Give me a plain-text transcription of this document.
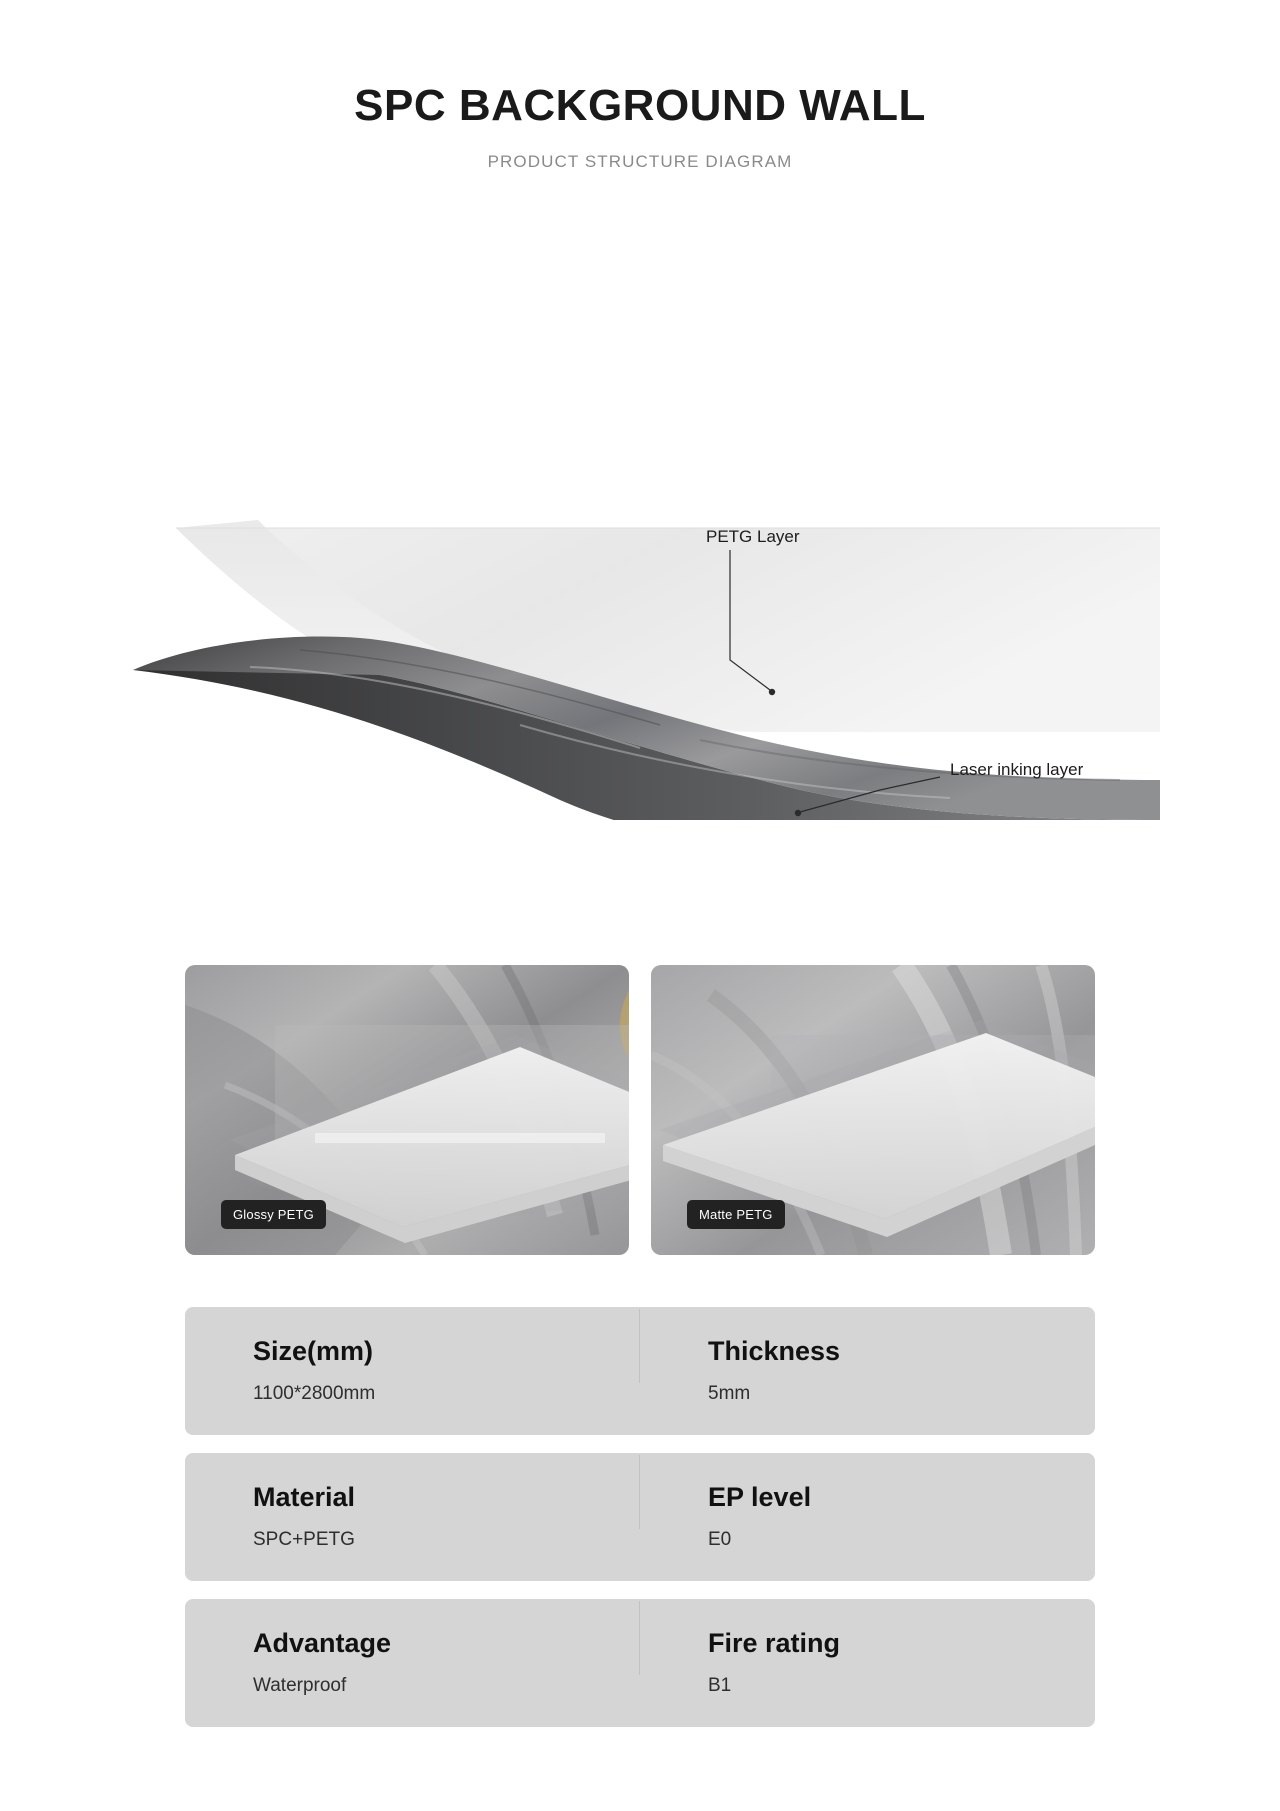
SPC BACKGROUND WALL
PRODUCT STRUCTURE DIAGRAM
PETG Layer
Laser inking layer
Glossy PETG	Matte PETG
Size(mm)
1100*2800mm
Thickness
5mm
Material
SPC+PETG
EP level
E0
Advantage
Waterproof
Fire rating
B1
